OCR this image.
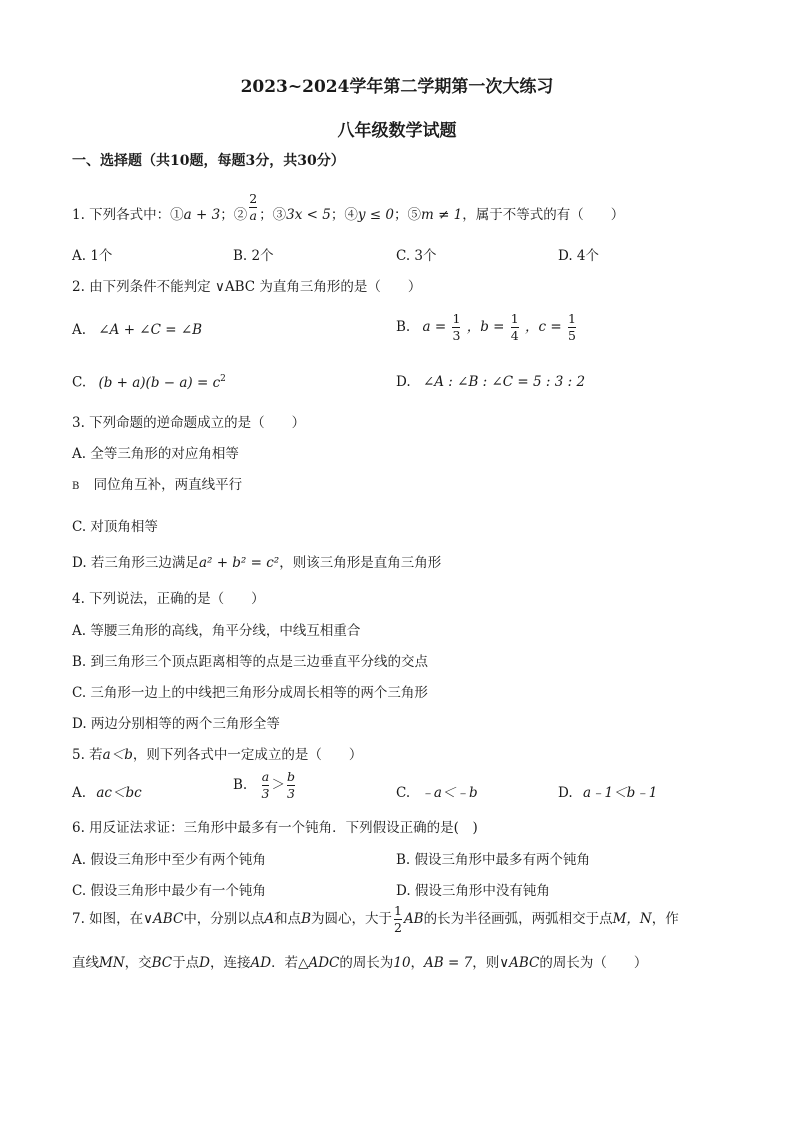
2023~2024学年第二学期第一次大练习
八年级数学试题
一、选择题（共10题，每题3分，共30分）
1. 下列各式中：①a + 3；② $\frac{2}{a}$ ；③3x < 5；④y ≤ 0；⑤m ≠ 1，属于不等式的有（　　）
A. 1个	B. 2个	C. 3个	D. 4个
2. 由下列条件不能判定 ∨ABC 为直角三角形的是（　　）
A. ∠A + ∠C = ∠B	B. $a = \frac{1}{3}$ ，$b = \frac{1}{4}$ ，$c = \frac{1}{5}$
C. $(b + a)(b - a) = c^2$	D. ∠A : ∠B : ∠C = 5 : 3 : 2
3. 下列命题的逆命题成立的是（　　）
A. 全等三角形的对应角相等
B 同位角互补，两直线平行
C. 对顶角相等
D. 若三角形三边满足a² + b² = c²，则该三角形是直角三角形
4. 下列说法，正确的是（　　）
A. 等腰三角形的高线，角平分线，中线互相重合
B. 到三角形三个顶点距离相等的点是三边垂直平分线的交点
C. 三角形一边上的中线把三角形分成周长相等的两个三角形
D. 两边分别相等的两个三角形全等
5. 若a＜b，则下列各式中一定成立的是（　　）
A. ac＜bc
B. $\frac{a}{3} > \frac{b}{3}$	C. ﹣a＜﹣b	D. a﹣1＜b﹣1
6. 用反证法求证：三角形中最多有一个钝角．下列假设正确的是(　)
A. 假设三角形中至少有两个钝角	B. 假设三角形中最多有两个钝角
C. 假设三角形中最少有一个钝角	D. 假设三角形中没有钝角
7. 如图，在∨ABC中，分别以点A和点B为圆心，大于 $\frac{1}{2}$ AB的长为半径画弧，两弧相交于点M，N，作
直线MN，交BC于点D，连接AD．若△ADC的周长为10，AB = 7，则∨ABC的周长为（　　）
